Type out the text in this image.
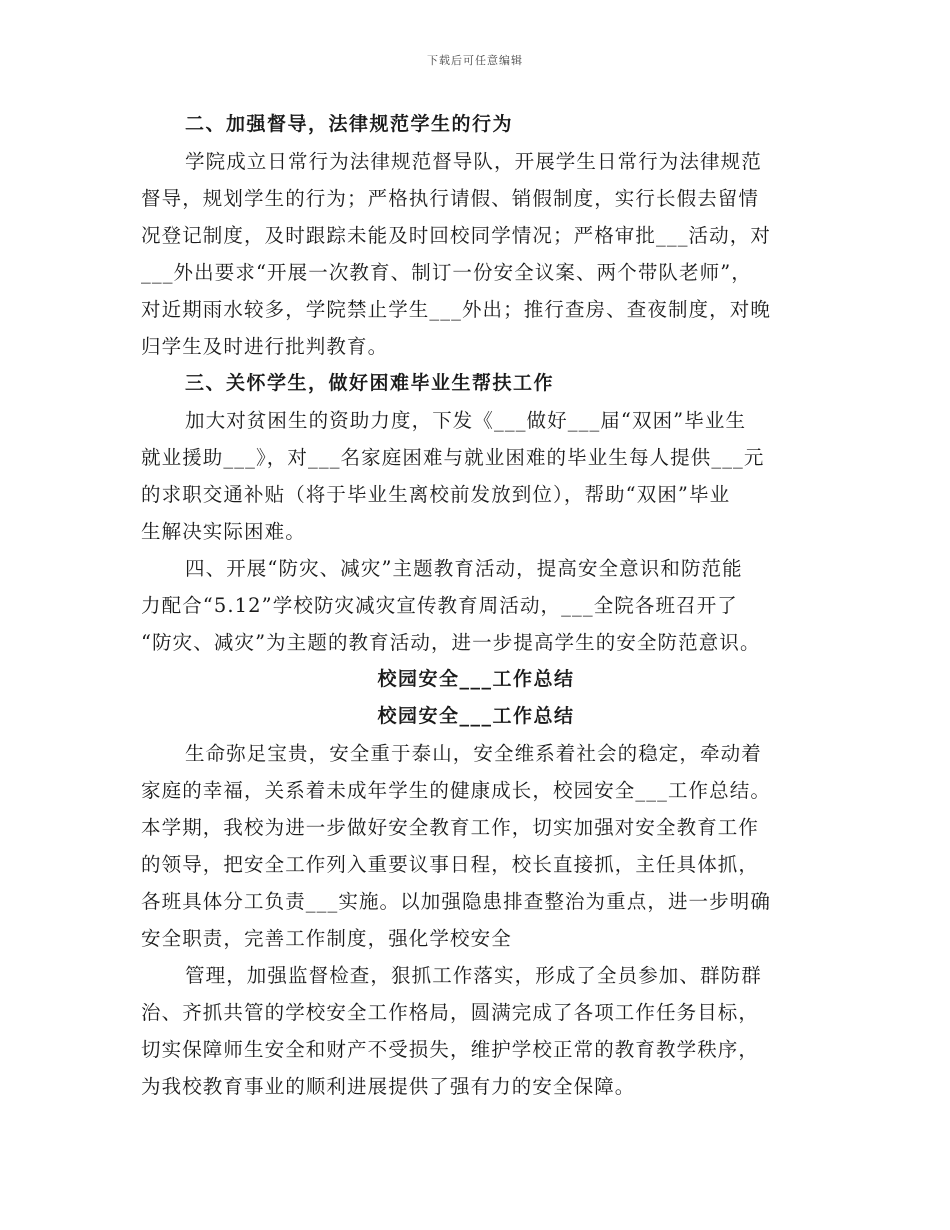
下载后可任意编辑
二、加强督导，法律规范学生的行为
学院成立日常行为法律规范督导队，开展学生日常行为法律规范
督导，规划学生的行为；严格执行请假、销假制度，实行长假去留情
况登记制度，及时跟踪未能及时回校同学情况；严格审批___活动，对
___外出要求“开展一次教育、制订一份安全议案、两个带队老师”，
对近期雨水较多，学院禁止学生___外出；推行查房、查夜制度，对晚
归学生及时进行批判教育。
三、关怀学生，做好困难毕业生帮扶工作
加大对贫困生的资助力度，下发《___做好___届“双困”毕业生
就业援助___》，对___名家庭困难与就业困难的毕业生每人提供___元
的求职交通补贴（将于毕业生离校前发放到位），帮助“双困”毕业
生解决实际困难。
四、开展“防灾、减灾”主题教育活动，提高安全意识和防范能
力配合“5.12”学校防灾减灾宣传教育周活动，___全院各班召开了
“防灾、减灾”为主题的教育活动，进一步提高学生的安全防范意识。
校园安全___工作总结
校园安全___工作总结
生命弥足宝贵，安全重于泰山，安全维系着社会的稳定，牵动着
家庭的幸福，关系着未成年学生的健康成长，校园安全___工作总结。
本学期，我校为进一步做好安全教育工作，切实加强对安全教育工作
的领导，把安全工作列入重要议事日程，校长直接抓，主任具体抓，
各班具体分工负责___实施。以加强隐患排查整治为重点，进一步明确
安全职责，完善工作制度，强化学校安全
管理，加强监督检查，狠抓工作落实，形成了全员参加、群防群
治、齐抓共管的学校安全工作格局，圆满完成了各项工作任务目标，
切实保障师生安全和财产不受损失，维护学校正常的教育教学秩序，
为我校教育事业的顺利进展提供了强有力的安全保障。
